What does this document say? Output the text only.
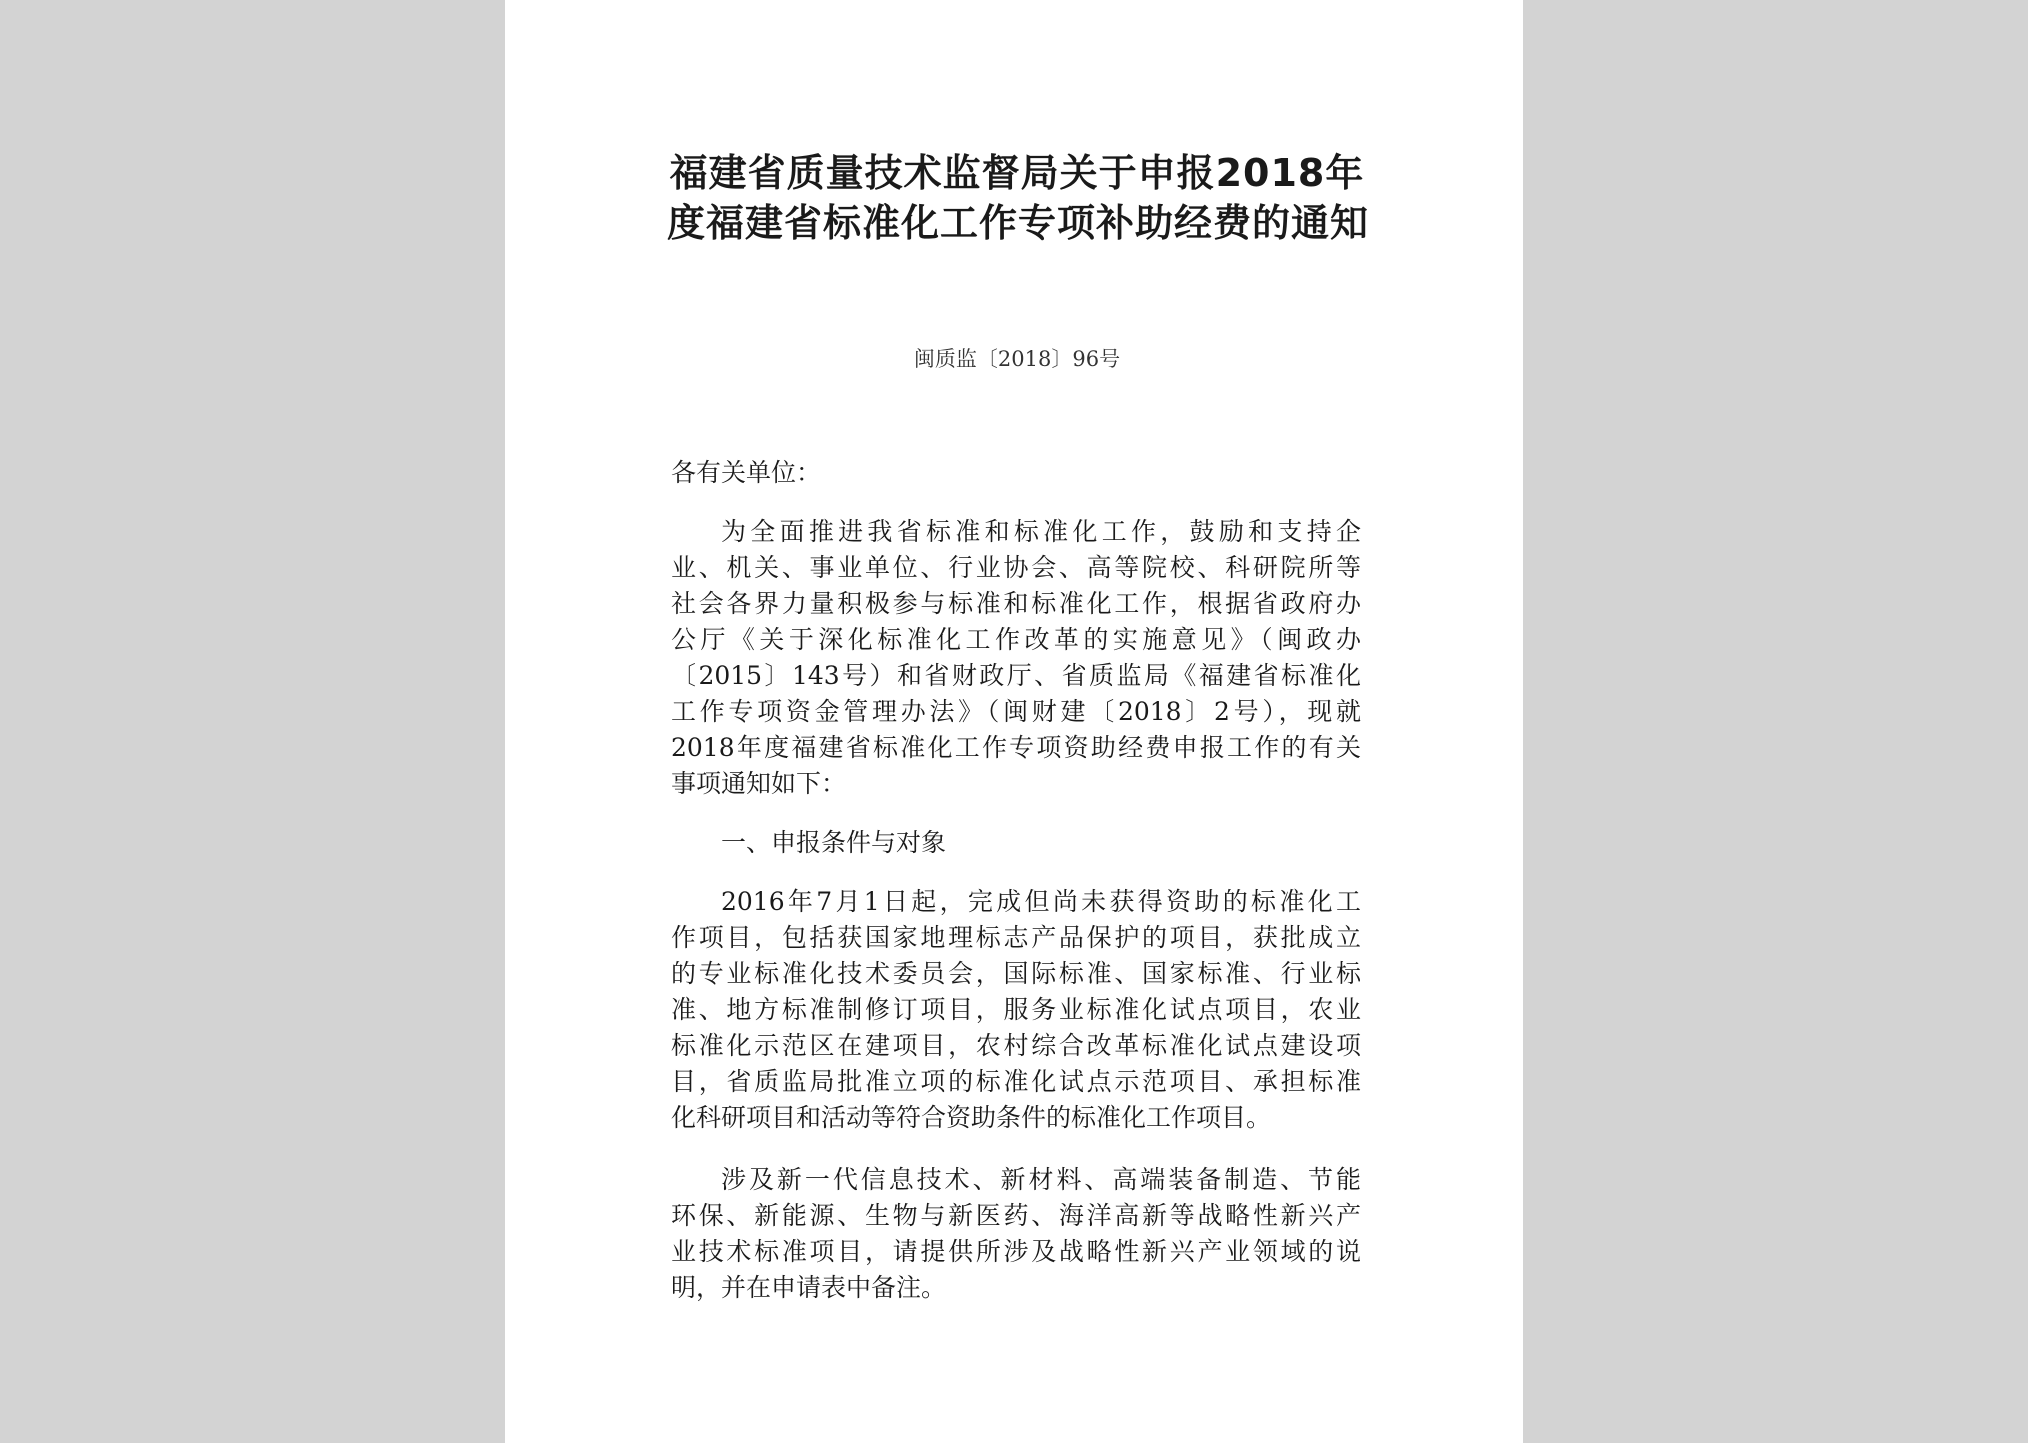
福建省质量技术监督局关于申报2018年
度福建省标准化工作专项补助经费的通知
闽质监〔2018〕96号
各有关单位：

为全面推进我省标准和标准化工作，鼓励和支持企
业、机关、事业单位、行业协会、高等院校、科研院所等
社会各界力量积极参与标准和标准化工作，根据省政府办
公厅《关于深化标准化工作改革的实施意见》（闽政办
〔2015〕143号）和省财政厅、省质监局《福建省标准化
工作专项资金管理办法》（闽财建〔2018〕2号），现就
2018年度福建省标准化工作专项资助经费申报工作的有关
事项通知如下：

一、申报条件与对象

2016年7月1日起，完成但尚未获得资助的标准化工
作项目，包括获国家地理标志产品保护的项目，获批成立
的专业标准化技术委员会，国际标准、国家标准、行业标
准、地方标准制修订项目，服务业标准化试点项目，农业
标准化示范区在建项目，农村综合改革标准化试点建设项
目，省质监局批准立项的标准化试点示范项目、承担标准
化科研项目和活动等符合资助条件的标准化工作项目。

涉及新一代信息技术、新材料、高端装备制造、节能
环保、新能源、生物与新医药、海洋高新等战略性新兴产
业技术标准项目，请提供所涉及战略性新兴产业领域的说
明，并在申请表中备注。
